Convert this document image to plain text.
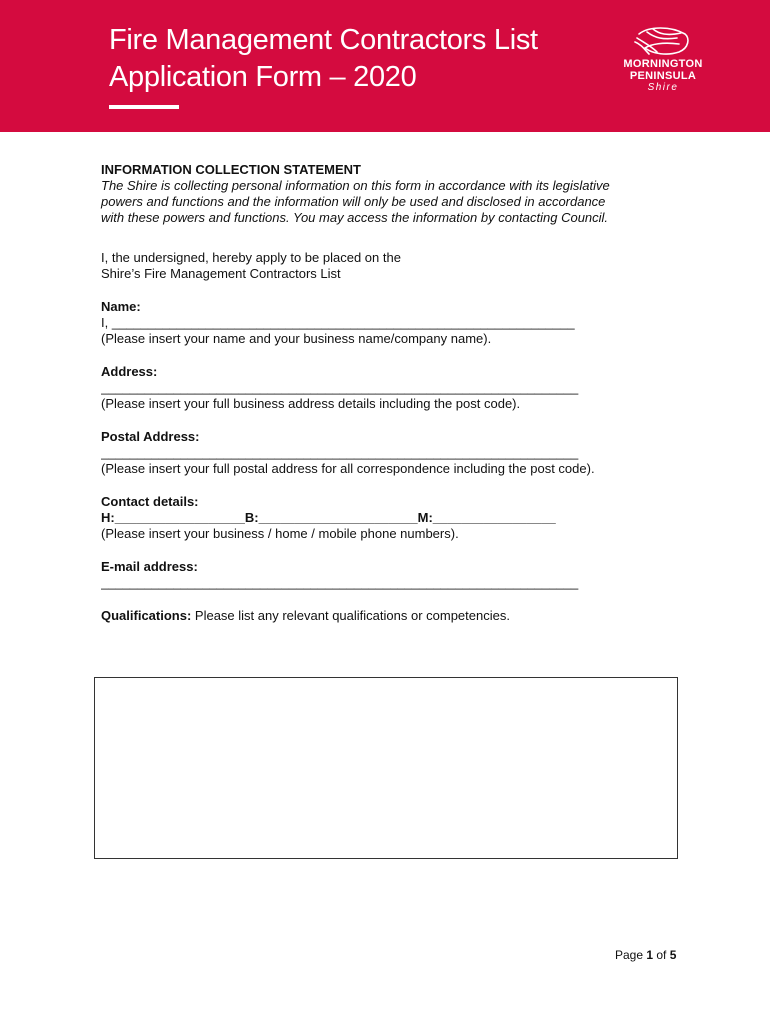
Fire Management Contractors List
Application Form – 2020	MORNINGTON
PENINSULA
Shire
INFORMATION COLLECTION STATEMENT
The Shire is collecting personal information on this form in accordance with its legislative
powers and functions and the information will only be used and disclosed in accordance
with these powers and functions. You may access the information by contacting Council.
I, the undersigned, hereby apply to be placed on the
Shire’s Fire Management Contractors List
Name:
I, ________________________________________________________________
(Please insert your name and your business name/company name).
Address:
__________________________________________________________________
(Please insert your full business address details including the post code).
Postal Address:
__________________________________________________________________
(Please insert your full postal address for all correspondence including the post code).
Contact details:
H:__________________B:______________________M:_________________
(Please insert your business / home / mobile phone numbers).
E-mail address:
__________________________________________________________________
Qualifications: Please list any relevant qualifications or competencies.
Page 1 of 5
